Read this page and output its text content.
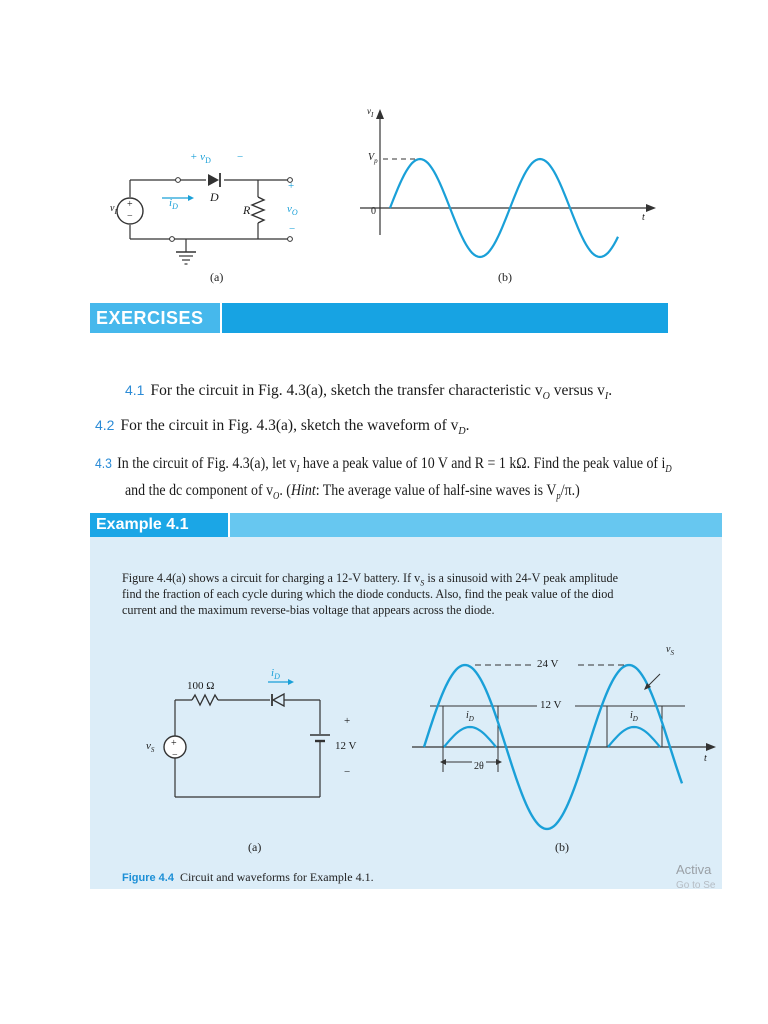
+ $v_D$ −
D
$i_D$	R
+
$v_O$
−
$v_I$
+
−
(a)
$v_I$
$V_p$
0
t
(b)
EXERCISES
4.1 For the circuit in Fig. 4.3(a), sketch the transfer characteristic $v_O$ versus $v_I$.
4.2 For the circuit in Fig. 4.3(a), sketch the waveform of $v_D$.
4.3 In the circuit of Fig. 4.3(a), let $v_I$ have a peak value of 10 V and R = 1 kΩ. Find the peak value of $i_D$
and the dc component of $v_O$. (Hint: The average value of half-sine waves is $V_p/\pi$.)
Example 4.1
Figure 4.4(a) shows a circuit for charging a 12-V battery. If $v_S$ is a sinusoid with 24-V peak amplitude
find the fraction of each cycle during which the diode conducts. Also, find the peak value of the diod
current and the maximum reverse-bias voltage that appears across the diode.
100 Ω
$i_D$
+
−
12 V
$v_S$
+
−
(a)
24 V
12 V
$v_S$
$i_D$	$i_D$
2θ
t
(b)
Figure 4.4 Circuit and waveforms for Example 4.1.	Activa
Go to Se
